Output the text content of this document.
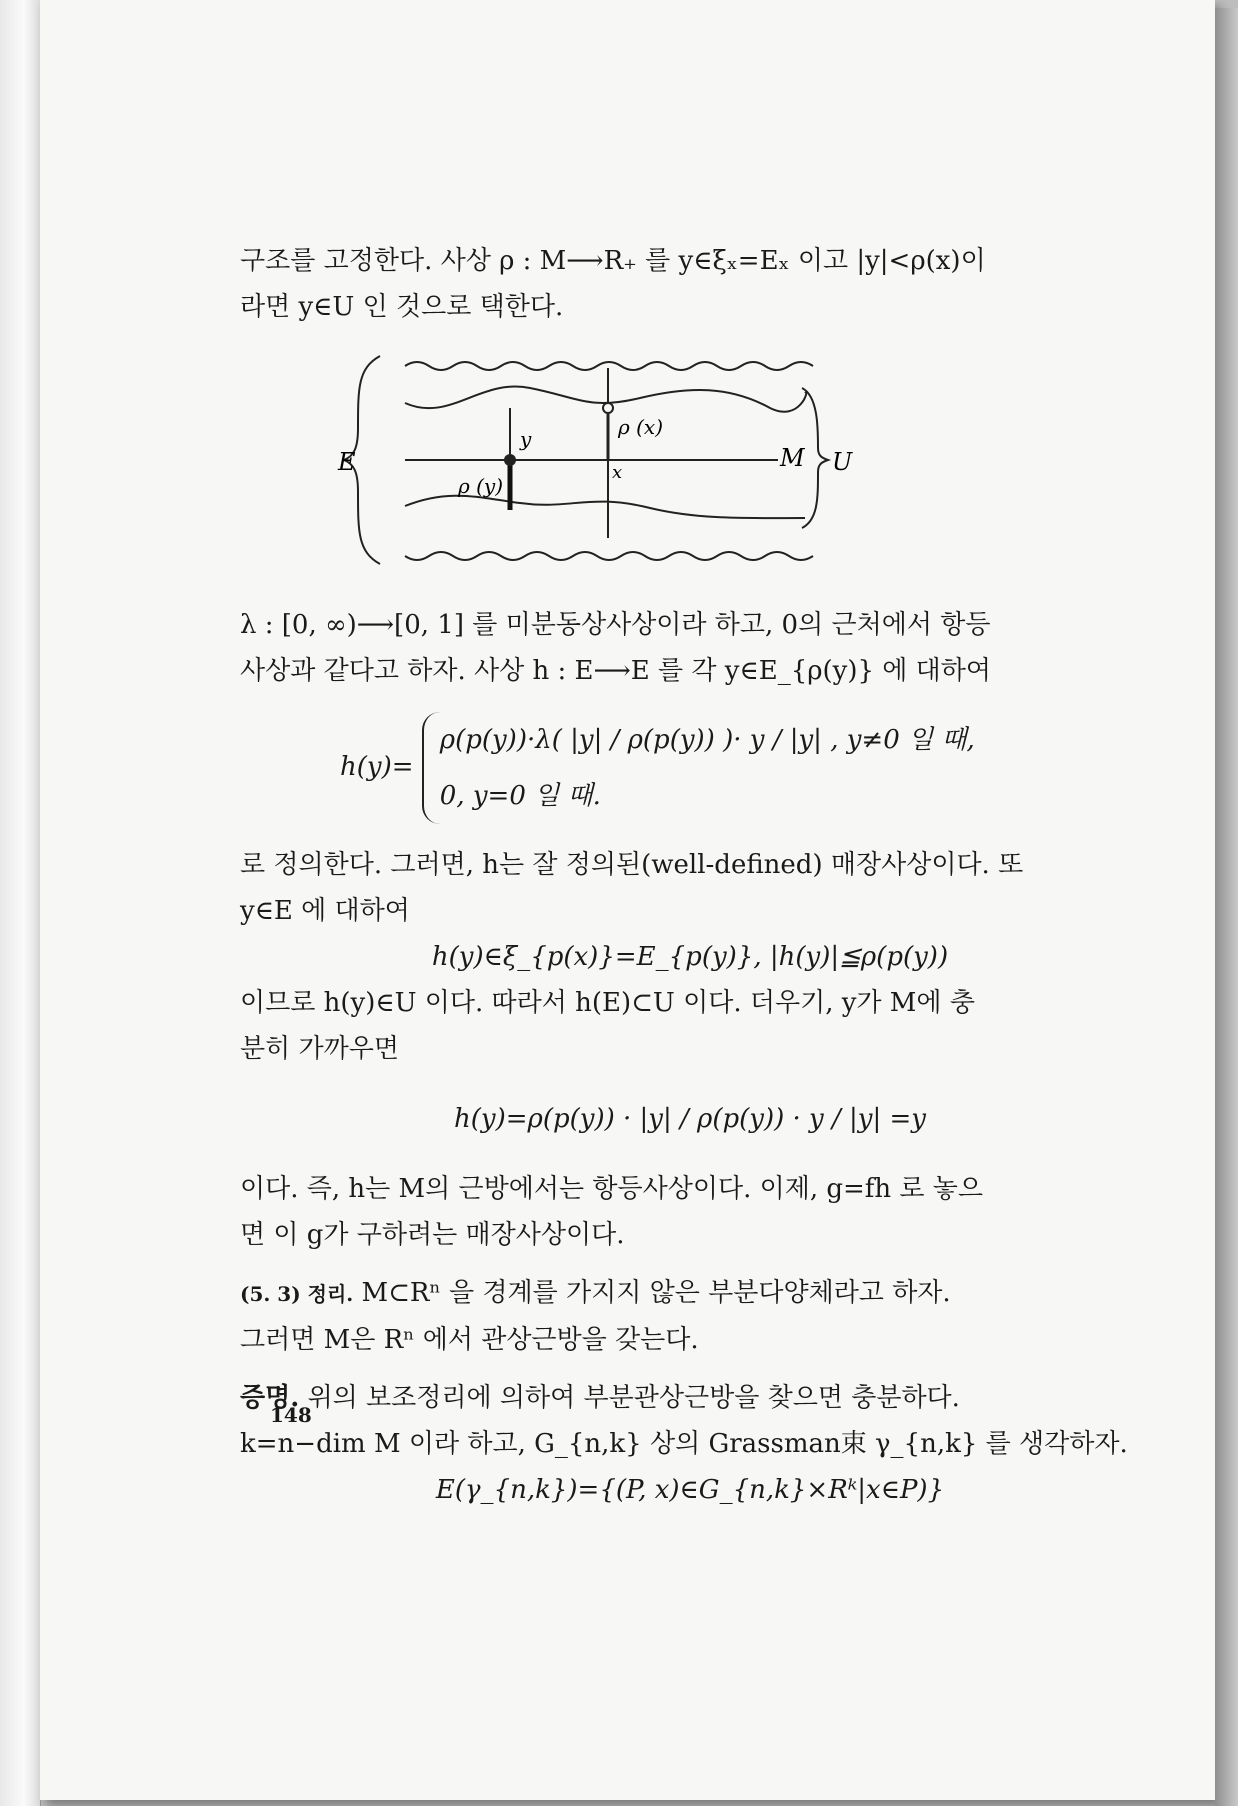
구조를 고정한다. 사상 ρ : M⟶R₊ 를 y∈ξₓ=Eₓ 이고 |y|<ρ(x)이

라면 y∈U 인 것으로 택한다.

E	U
M
x
y	ρ (x)
ρ (y)

λ : [0, ∞)⟶[0, 1] 를 미분동상사상이라 하고, 0의 근처에서 항등

사상과 같다고 하자. 사상 h : E⟶E 를 각 y∈E_{ρ(y)} 에 대하여

h(y)=
ρ(p(y))·λ( |y| / ρ(p(y)) )· y / |y| , y≠0 일 때,
0, y=0 일 때.

로 정의한다. 그러면, h는 잘 정의된(well-defined) 매장사상이다. 또

y∈E 에 대하여

h(y)∈ξ_{p(x)}=E_{p(y)}, |h(y)|≦ρ(p(y))

이므로 h(y)∈U 이다. 따라서 h(E)⊂U 이다. 더우기, y가 M에 충

분히 가까우면

h(y)=ρ(p(y)) · |y| / ρ(p(y)) · y / |y| =y

이다. 즉, h는 M의 근방에서는 항등사상이다. 이제, g=fh 로 놓으

면 이 g가 구하려는 매장사상이다.

(5. 3) 정리. M⊂Rⁿ 을 경계를 가지지 않은 부분다양체라고 하자.

그러면 M은 Rⁿ 에서 관상근방을 갖는다.

증명. 위의 보조정리에 의하여 부분관상근방을 찾으면 충분하다.

k=n−dim M 이라 하고, G_{n,k} 상의 Grassman束 γ_{n,k} 를 생각하자.

E(γ_{n,k})={(P, x)∈G_{n,k}×Rᵏ|x∈P)}

148
